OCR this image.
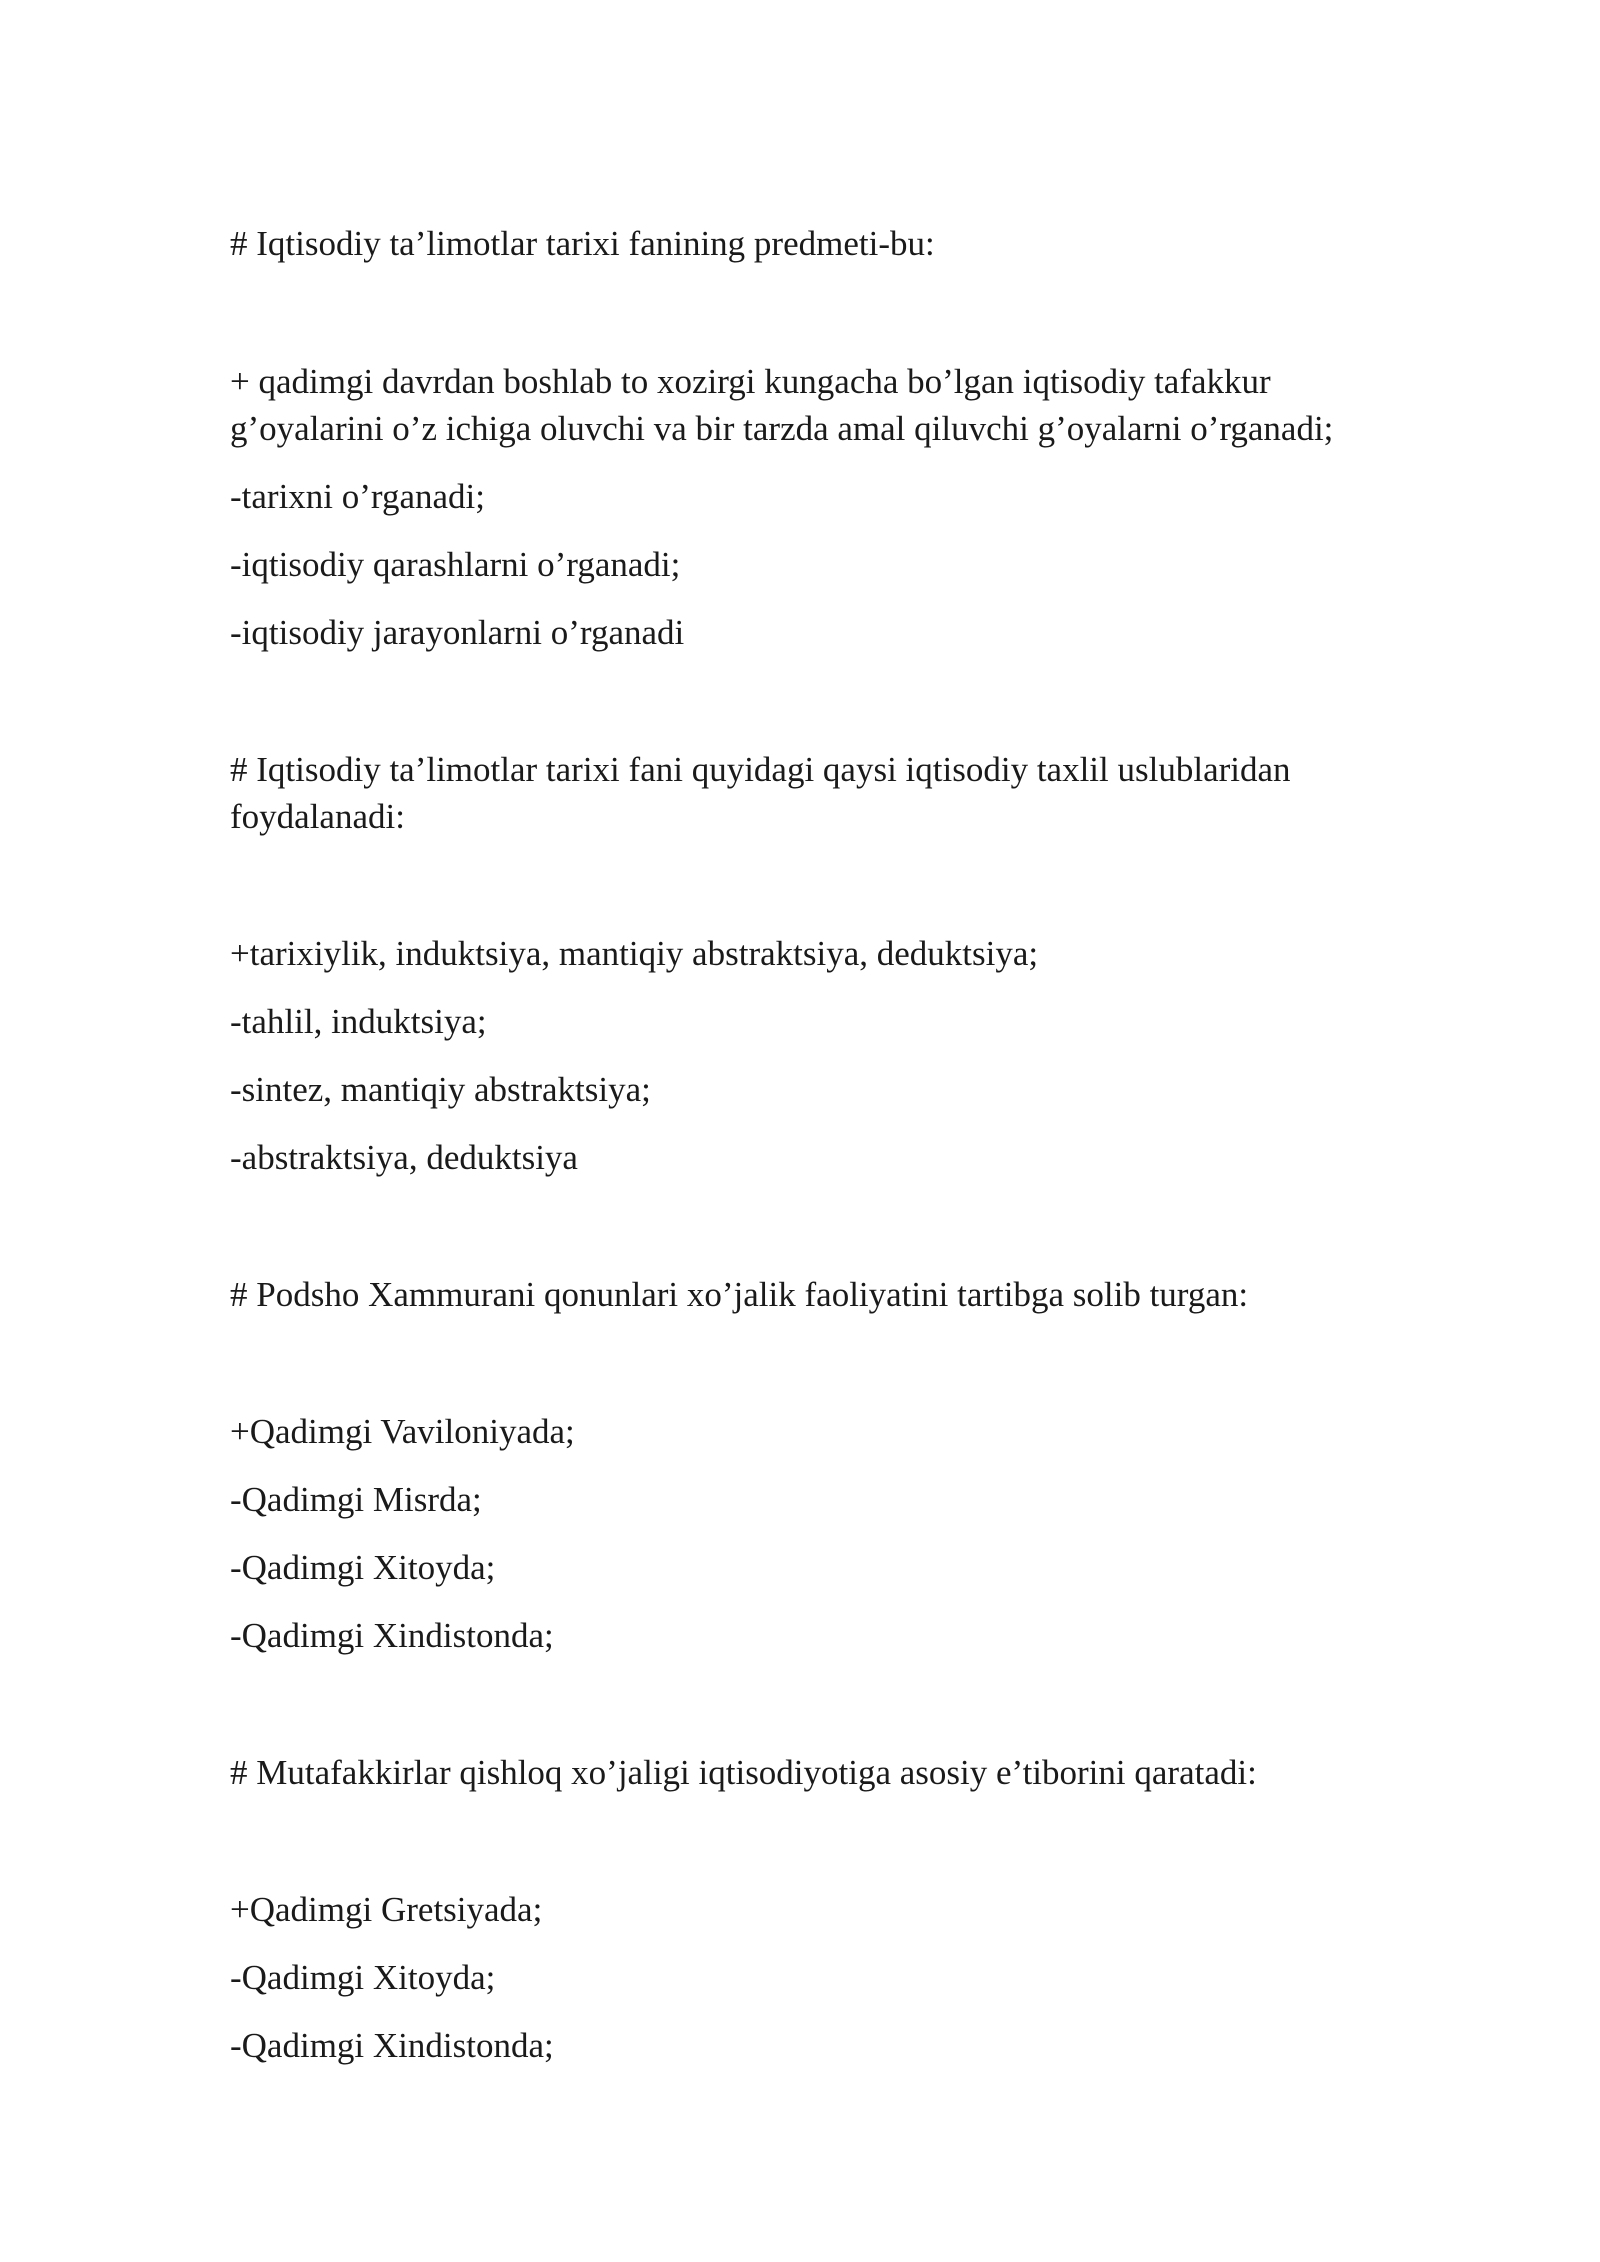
# Iqtisodiy ta’limotlar tarixi fanining predmeti-bu:

+ qadimgi davrdan boshlab to xozirgi kungacha bo’lgan iqtisodiy tafakkur

g’oyalarini o’z ichiga oluvchi va bir tarzda amal qiluvchi g’oyalarni o’rganadi;

-tarixni o’rganadi;

-iqtisodiy qarashlarni o’rganadi;

-iqtisodiy jarayonlarni o’rganadi

# Iqtisodiy ta’limotlar tarixi fani quyidagi qaysi iqtisodiy taxlil uslublaridan

foydalanadi:

+tarixiylik, induktsiya, mantiqiy abstraktsiya, deduktsiya;

-tahlil, induktsiya;

-sintez, mantiqiy abstraktsiya;

-abstraktsiya, deduktsiya

# Podsho Xammurani qonunlari xo’jalik faoliyatini tartibga solib turgan:

+Qadimgi Vaviloniyada;

-Qadimgi Misrda;

-Qadimgi Xitoyda;

-Qadimgi Xindistonda;

# Mutafakkirlar qishloq xo’jaligi iqtisodiyotiga asosiy e’tiborini qaratadi:

+Qadimgi Gretsiyada;

-Qadimgi Xitoyda;

-Qadimgi Xindistonda;
